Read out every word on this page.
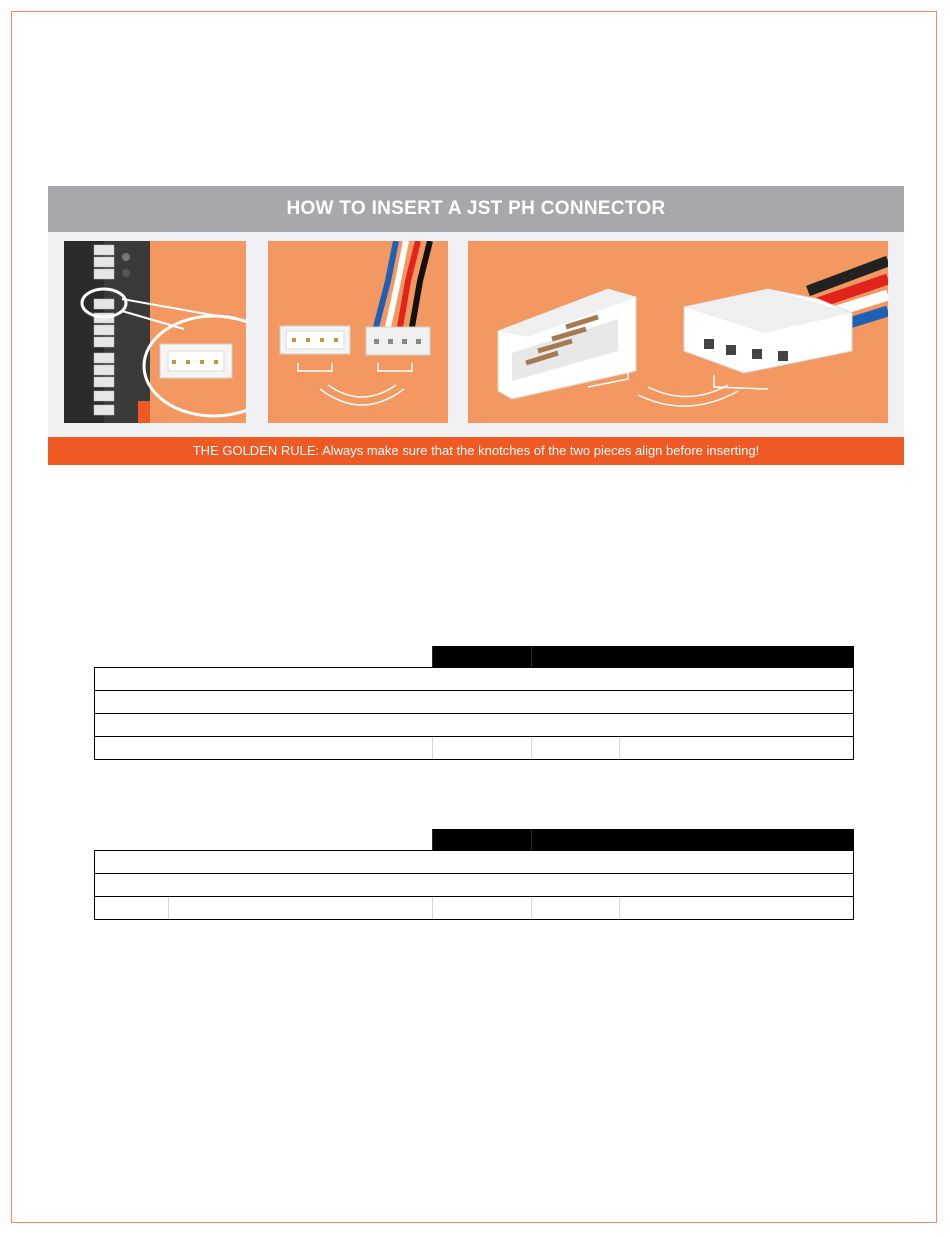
HOW TO INSERT A JST PH CONNECTOR
THE GOLDEN RULE: Always make sure that the knotches of the two pieces align before inserting!
